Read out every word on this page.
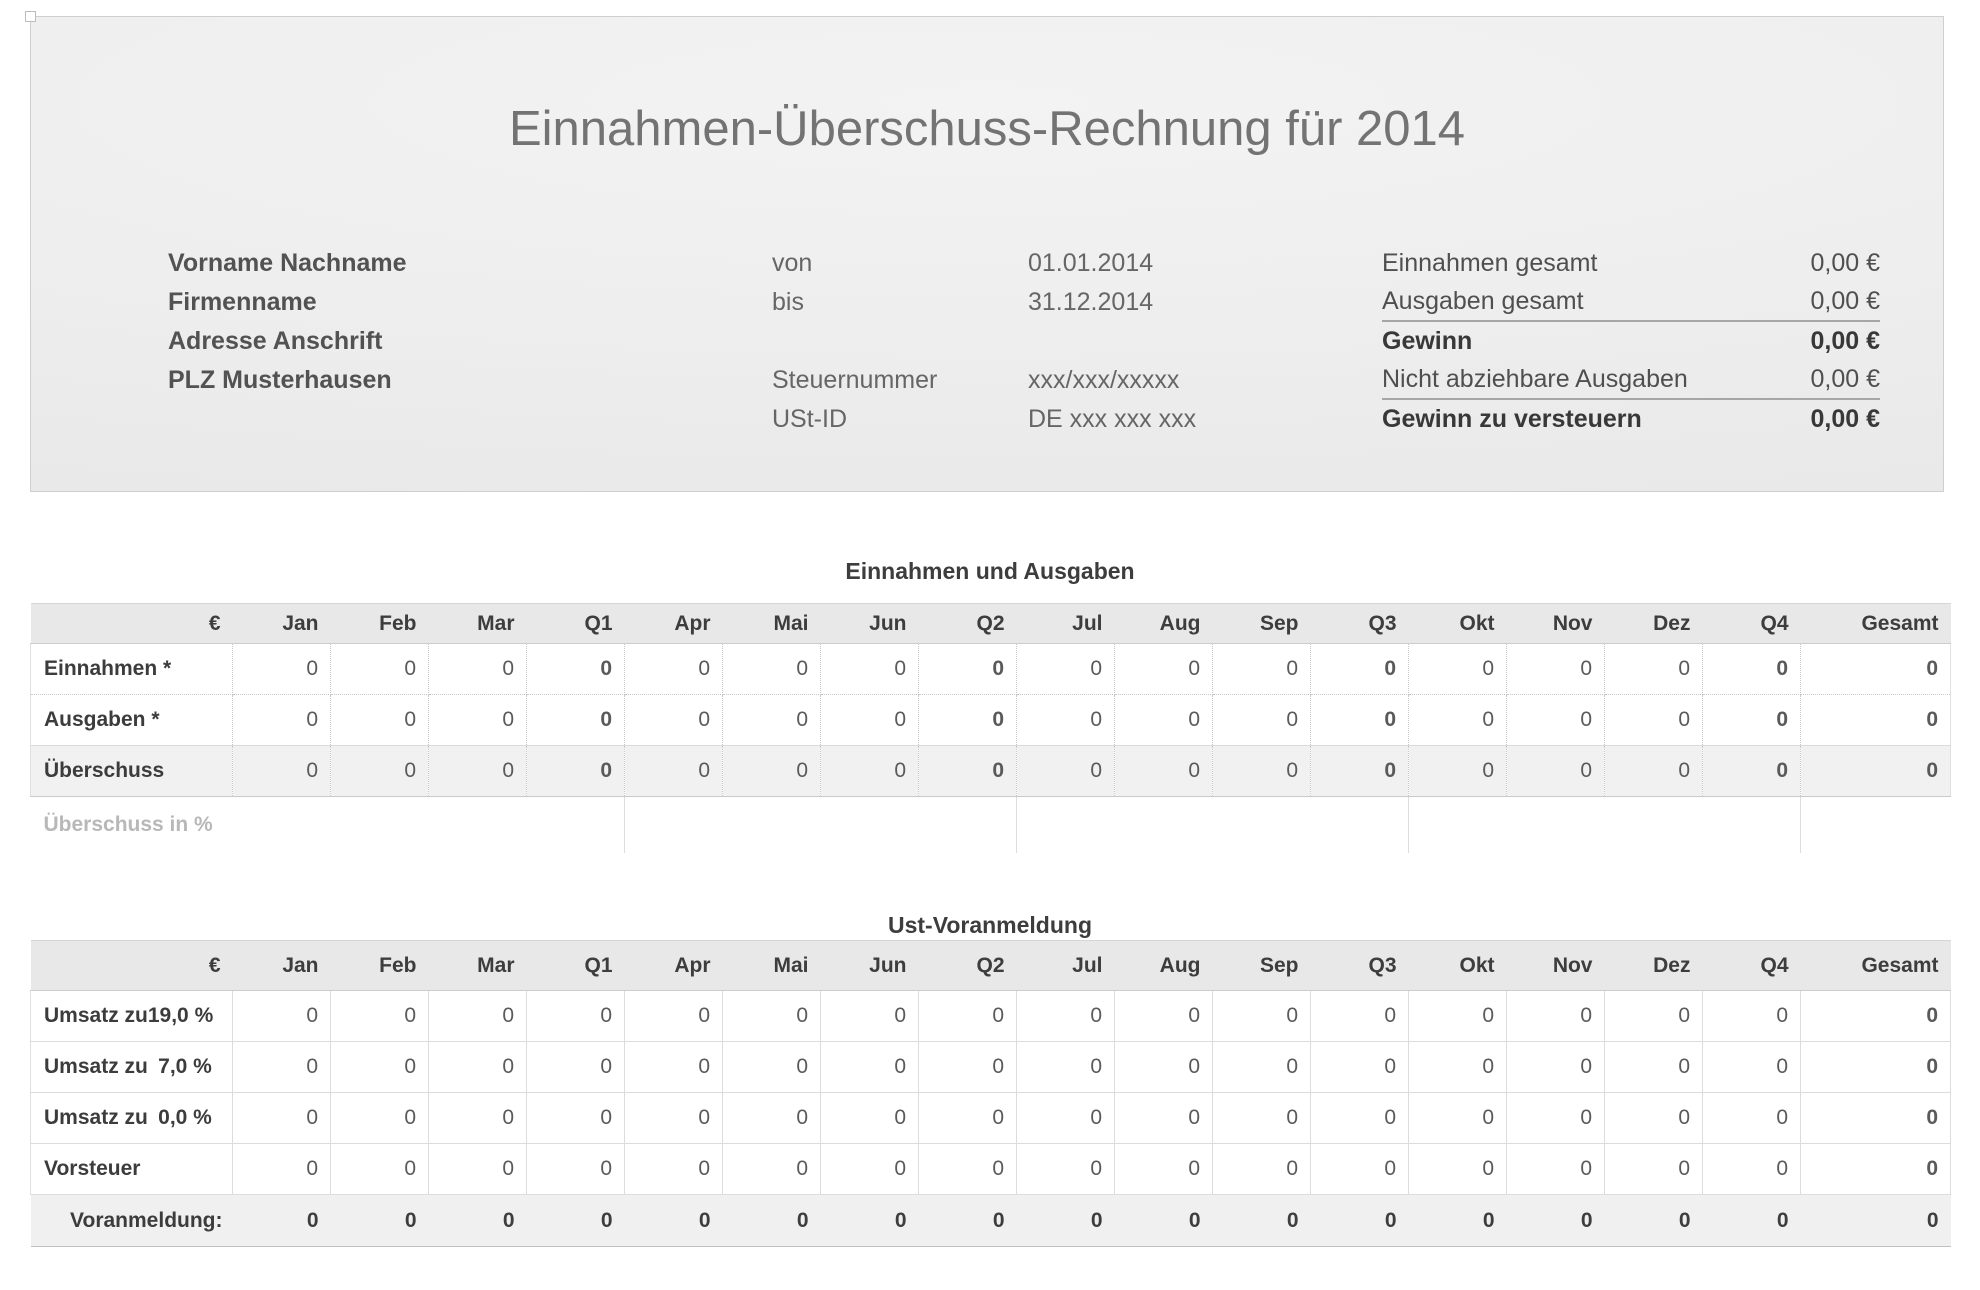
Einnahmen-Überschuss-Rechnung für 2014
Vorname Nachname
Firmenname
Adresse Anschrift
PLZ Musterhausen
von	01.01.2014
bis	31.12.2014
Steuernummer	xxx/xxx/xxxxx
USt-ID	DE xxx xxx xxx
Einnahmen gesamt	0,00 €
Ausgaben gesamt	0,00 €
Gewinn	0,00 €
Nicht abziehbare Ausgaben	0,00 €
Gewinn zu versteuern	0,00 €
Einnahmen und Ausgaben
€	Jan	Feb	Mar	Q1	Apr	Mai	Jun	Q2	Jul	Aug	Sep	Q3	Okt	Nov	Dez	Q4	Gesamt
Einnahmen *	0	0	0	0	0	0	0	0	0	0	0	0	0	0	0	0	0
Ausgaben *	0	0	0	0	0	0	0	0	0	0	0	0	0	0	0	0	0
Überschuss	0	0	0	0	0	0	0	0	0	0	0	0	0	0	0	0	0
Überschuss in %																	
Ust-Voranmeldung
€	Jan	Feb	Mar	Q1	Apr	Mai	Jun	Q2	Jul	Aug	Sep	Q3	Okt	Nov	Dez	Q4	Gesamt
Umsatz zu19,0 %	0	0	0	0	0	0	0	0	0	0	0	0	0	0	0	0	0
Umsatz zu 7,0 %	0	0	0	0	0	0	0	0	0	0	0	0	0	0	0	0	0
Umsatz zu 0,0 %	0	0	0	0	0	0	0	0	0	0	0	0	0	0	0	0	0
Vorsteuer	0	0	0	0	0	0	0	0	0	0	0	0	0	0	0	0	0
Voranmeldung:	0	0	0	0	0	0	0	0	0	0	0	0	0	0	0	0	0
